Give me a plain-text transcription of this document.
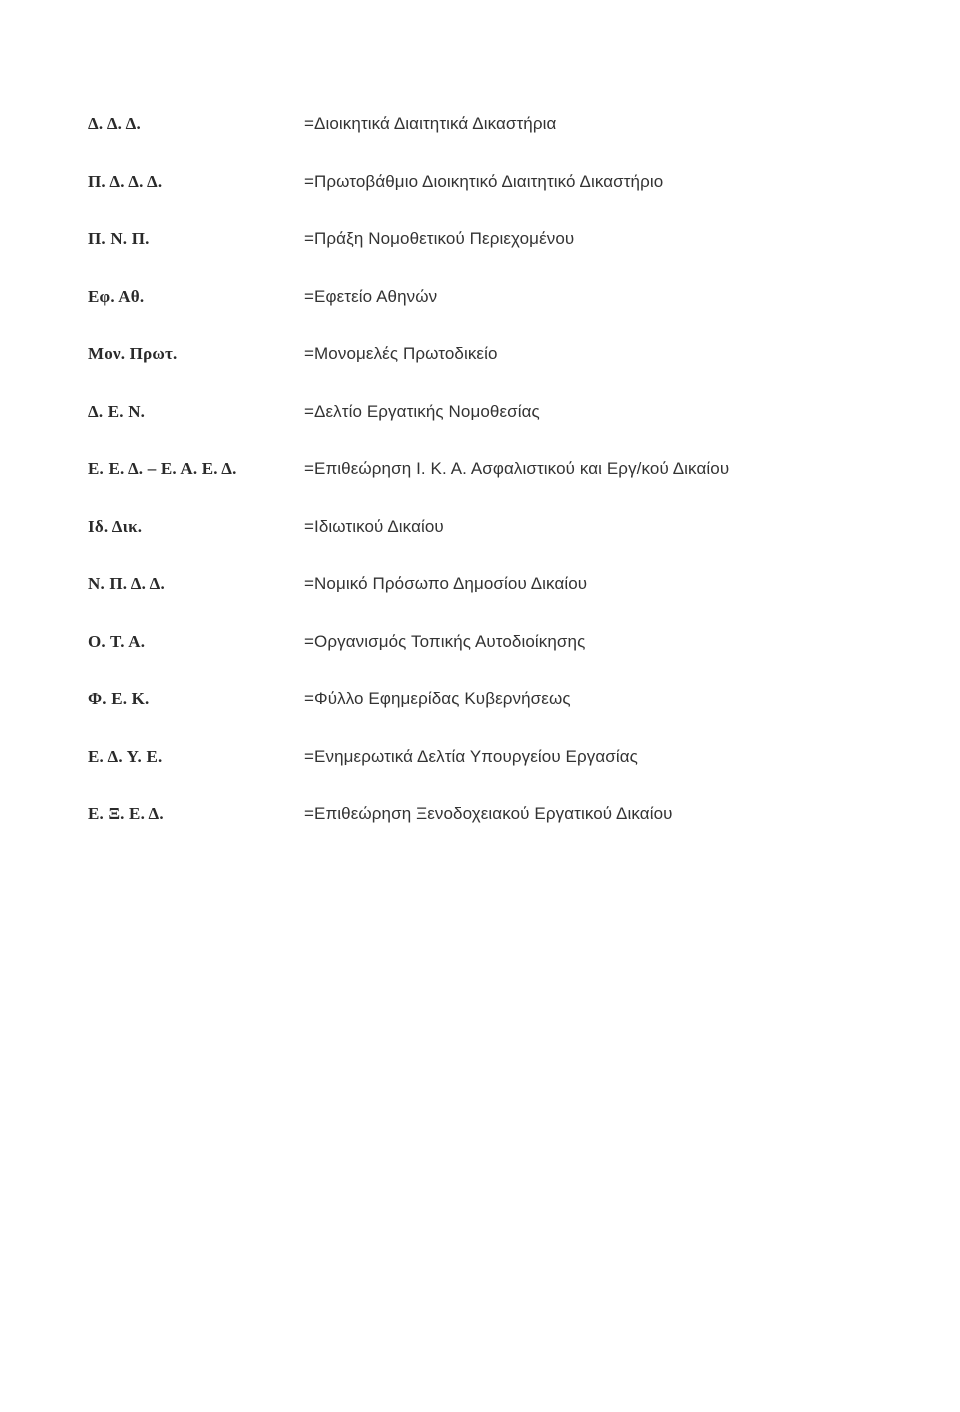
Δ. Δ. Δ.	=Διοικητικά Διαιτητικά Δικαστήρια
Π. Δ. Δ. Δ.	=Πρωτοβάθμιο Διοικητικό Διαιτητικό Δικαστήριο
Π. Ν. Π.	=Πράξη Νομοθετικού Περιεχομένου
Εφ. Αθ.	=Εφετείο Αθηνών
Μον. Πρωτ.	=Μονομελές Πρωτοδικείο
Δ. Ε. Ν.	=Δελτίο Εργατικής Νομοθεσίας
Ε. Ε. Δ. – Ε. Α. Ε. Δ.	=Επιθεώρηση Ι. Κ. Α. Ασφαλιστικού και Εργ/κού Δικαίου
Ιδ. Δικ.	=Ιδιωτικού Δικαίου
Ν. Π. Δ. Δ.	=Νομικό Πρόσωπο Δημοσίου Δικαίου
Ο. Τ. Α.	=Οργανισμός Τοπικής Αυτοδιοίκησης
Φ. Ε. Κ.	=Φύλλο Εφημερίδας Κυβερνήσεως
Ε. Δ. Υ. Ε.	=Ενημερωτικά Δελτία Υπουργείου Εργασίας
Ε. Ξ. Ε. Δ.	=Επιθεώρηση Ξενοδοχειακού Εργατικού Δικαίου
